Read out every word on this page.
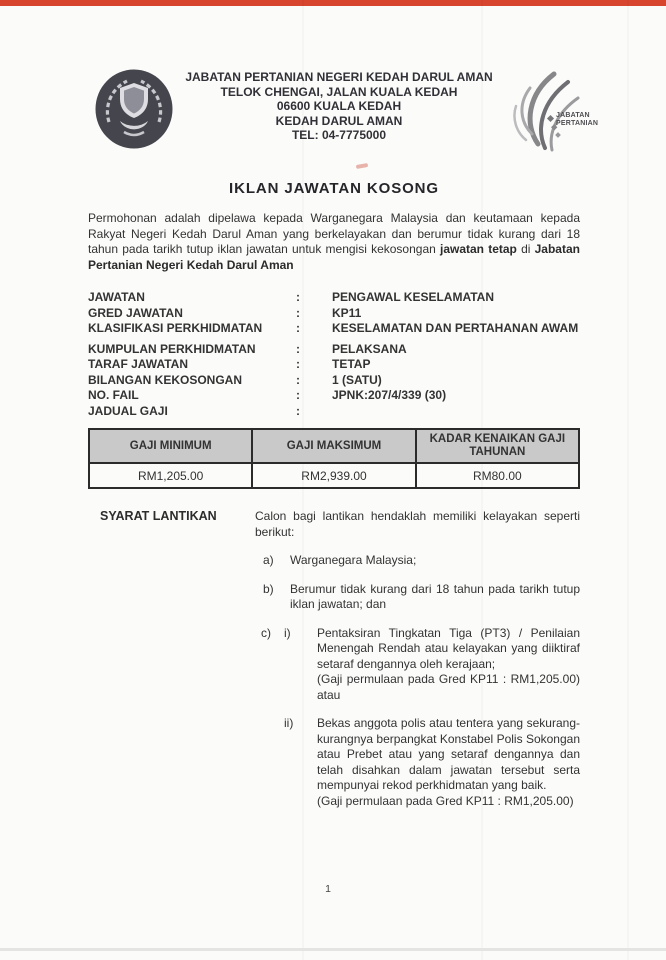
JABATAN PERTANIAN NEGERI KEDAH DARUL AMAN
TELOK CHENGAI, JALAN KUALA KEDAH
06600 KUALA KEDAH
KEDAH DARUL AMAN
TEL: 04-7775000
JABATAN
PERTANIAN
IKLAN JAWATAN KOSONG

Permohonan adalah dipelawa kepada Warganegara Malaysia dan keutamaan kepada Rakyat Negeri Kedah Darul Aman yang berkelayakan dan berumur tidak kurang dari 18 tahun pada tarikh tutup iklan jawatan untuk mengisi kekosongan jawatan tetap di Jabatan Pertanian Negeri Kedah Darul Aman

JAWATAN	:	PENGAWAL KESELAMATAN
GRED JAWATAN	:	KP11
KLASIFIKASI PERKHIDMATAN	:	KESELAMATAN DAN PERTAHANAN AWAM
KUMPULAN PERKHIDMATAN	:	PELAKSANA
TARAF JAWATAN	:	TETAP
BILANGAN KEKOSONGAN	:	1 (SATU)
NO. FAIL	:	JPNK:207/4/339 (30)
JADUAL GAJI	:
GAJI MINIMUM	GAJI MAKSIMUM	KADAR KENAIKAN GAJI TAHUNAN
RM1,205.00	RM2,939.00	RM80.00
SYARAT LANTIKAN	Calon bagi lantikan hendaklah memiliki kelayakan seperti berikut:

a)	Warganegara Malaysia;
b)	Berumur tidak kurang dari 18 tahun pada tarikh tutup iklan jawatan; dan
c)	i)	Pentaksiran Tingkatan Tiga (PT3) / Penilaian Menengah Rendah atau kelayakan yang diiktiraf setaraf dengannya oleh kerajaan;

(Gaji permulaan pada Gred KP11 : RM1,205.00) atau

ii)	Bekas anggota polis atau tentera yang sekurang-kurangnya berpangkat Konstabel Polis Sokongan atau Prebet atau yang setaraf dengannya dan telah disahkan dalam jawatan tersebut serta mempunyai rekod perkhidmatan yang baik.

(Gaji permulaan pada Gred KP11 : RM1,205.00)

1
